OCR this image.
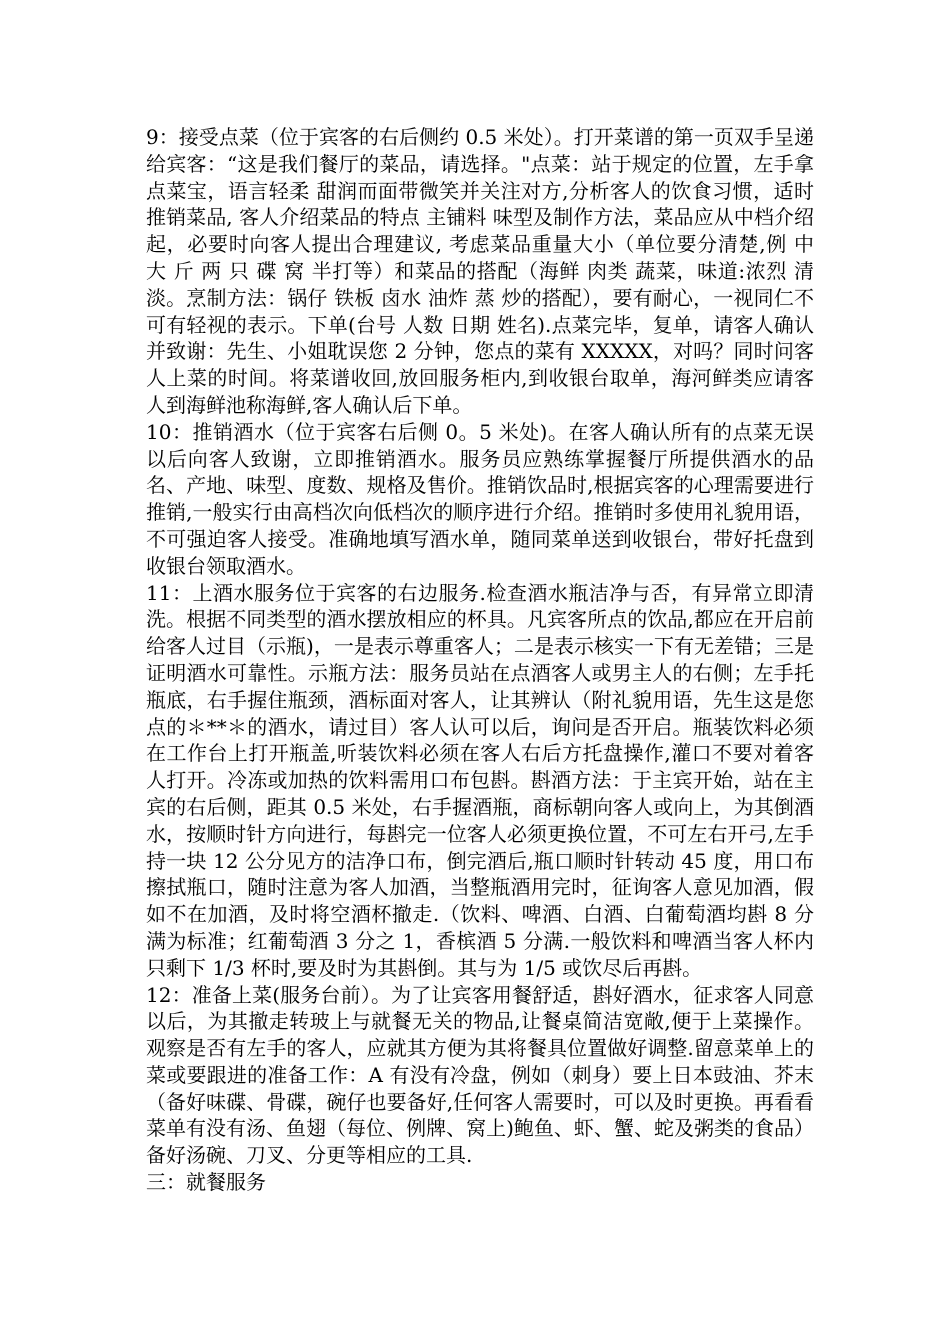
9：接受点菜（位于宾客的右后侧约 0.5 米处）。打开菜谱的第一页双手呈递给宾客：“这是我们餐厅的菜品，请选择。"点菜：站于规定的位置，左手拿点菜宝，语言轻柔 甜润而面带微笑并关注对方,分析客人的饮食习惯，适时推销菜品, 客人介绍菜品的特点 主铺料 味型及制作方法，菜品应从中档介绍起，必要时向客人提出合理建议, 考虑菜品重量大小（单位要分清楚,例 中 大 斤 两 只 碟 窝 半打等）和菜品的搭配（海鲜 肉类 蔬菜，味道:浓烈 清淡。烹制方法：锅仔 铁板 卤水 油炸 蒸 炒的搭配），要有耐心，一视同仁不可有轻视的表示。下单(台号 人数 日期 姓名).点菜完毕，复单，请客人确认并致谢：先生、小姐耽误您 2 分钟，您点的菜有 XXXXX，对吗？同时问客人上菜的时间。将菜谱收回,放回服务柜内,到收银台取单，海河鲜类应请客人到海鲜池称海鲜,客人确认后下单。

10：推销酒水（位于宾客右后侧 0。5 米处)。在客人确认所有的点菜无误以后向客人致谢，立即推销酒水。服务员应熟练掌握餐厅所提供酒水的品名、产地、味型、度数、规格及售价。推销饮品时,根据宾客的心理需要进行推销,一般实行由高档次向低档次的顺序进行介绍。推销时多使用礼貌用语，不可强迫客人接受。准确地填写酒水单，随同菜单送到收银台，带好托盘到收银台领取酒水。

11：上酒水服务位于宾客的右边服务.检查酒水瓶洁净与否，有异常立即清洗。根据不同类型的酒水摆放相应的杯具。凡宾客所点的饮品,都应在开启前给客人过目（示瓶)，一是表示尊重客人；二是表示核实一下有无差错；三是证明酒水可靠性。示瓶方法：服务员站在点酒客人或男主人的右侧；左手托瓶底，右手握住瓶颈，酒标面对客人，让其辨认（附礼貌用语，先生这是您点的＊**＊的酒水，请过目）客人认可以后，询问是否开启。瓶装饮料必须在工作台上打开瓶盖,听装饮料必须在客人右后方托盘操作,灌口不要对着客人打开。冷冻或加热的饮料需用口布包斟。斟酒方法：于主宾开始，站在主宾的右后侧，距其 0.5 米处，右手握酒瓶，商标朝向客人或向上，为其倒酒水，按顺时针方向进行，每斟完一位客人必须更换位置，不可左右开弓,左手持一块 12 公分见方的洁净口布，倒完酒后,瓶口顺时针转动 45 度，用口布擦拭瓶口，随时注意为客人加酒，当整瓶酒用完时，征询客人意见加酒，假如不在加酒，及时将空酒杯撤走.（饮料、啤酒、白酒、白葡萄酒均斟 8 分满为标准；红葡萄酒 3 分之 1，香槟酒 5 分满.一般饮料和啤酒当客人杯内只剩下 1/3 杯时,要及时为其斟倒。其与为 1/5 或饮尽后再斟。

12：准备上菜(服务台前）。为了让宾客用餐舒适，斟好酒水，征求客人同意以后，为其撤走转玻上与就餐无关的物品,让餐桌简洁宽敞,便于上菜操作。观察是否有左手的客人，应就其方便为其将餐具位置做好调整.留意菜单上的菜或要跟进的准备工作：A 有没有冷盘，例如（刺身）要上日本豉油、芥末（备好味碟、骨碟，碗仔也要备好,任何客人需要时，可以及时更换。再看看菜单有没有汤、鱼翅（每位、例牌、窝上)鲍鱼、虾、蟹、蛇及粥类的食品）备好汤碗、刀叉、分更等相应的工具.

三：就餐服务
